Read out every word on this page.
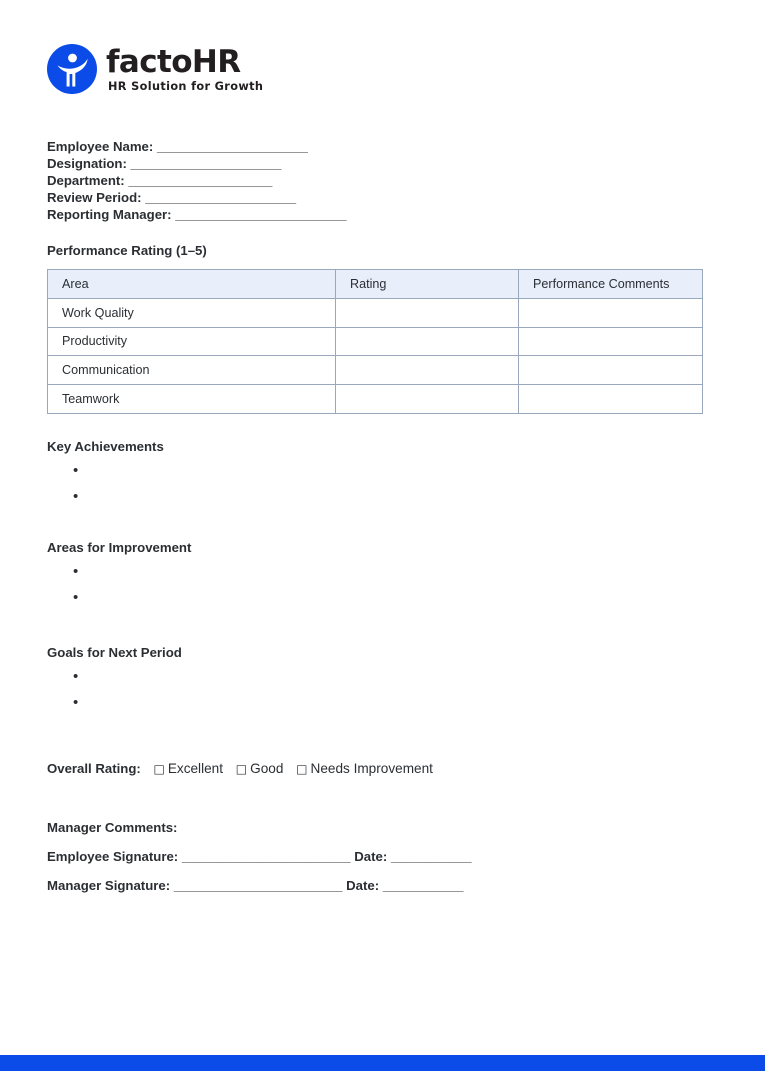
factoHR
HR Solution for Growth
Employee Name: ______________________
Designation: ______________________
Department: _____________________
Review Period: ______________________
Reporting Manager: _________________________
Performance Rating (1–5)
Area	Rating	Performance Comments
Work Quality		
Productivity		
Communication		
Teamwork		
Key Achievements
•
•
Areas for Improvement
•
•
Goals for Next Period
•
•
Overall Rating: □ Excellent □ Good □ Needs Improvement
Manager Comments:
Employee Signature: _______________________ Date: ___________
Manager Signature: _______________________ Date: ___________
